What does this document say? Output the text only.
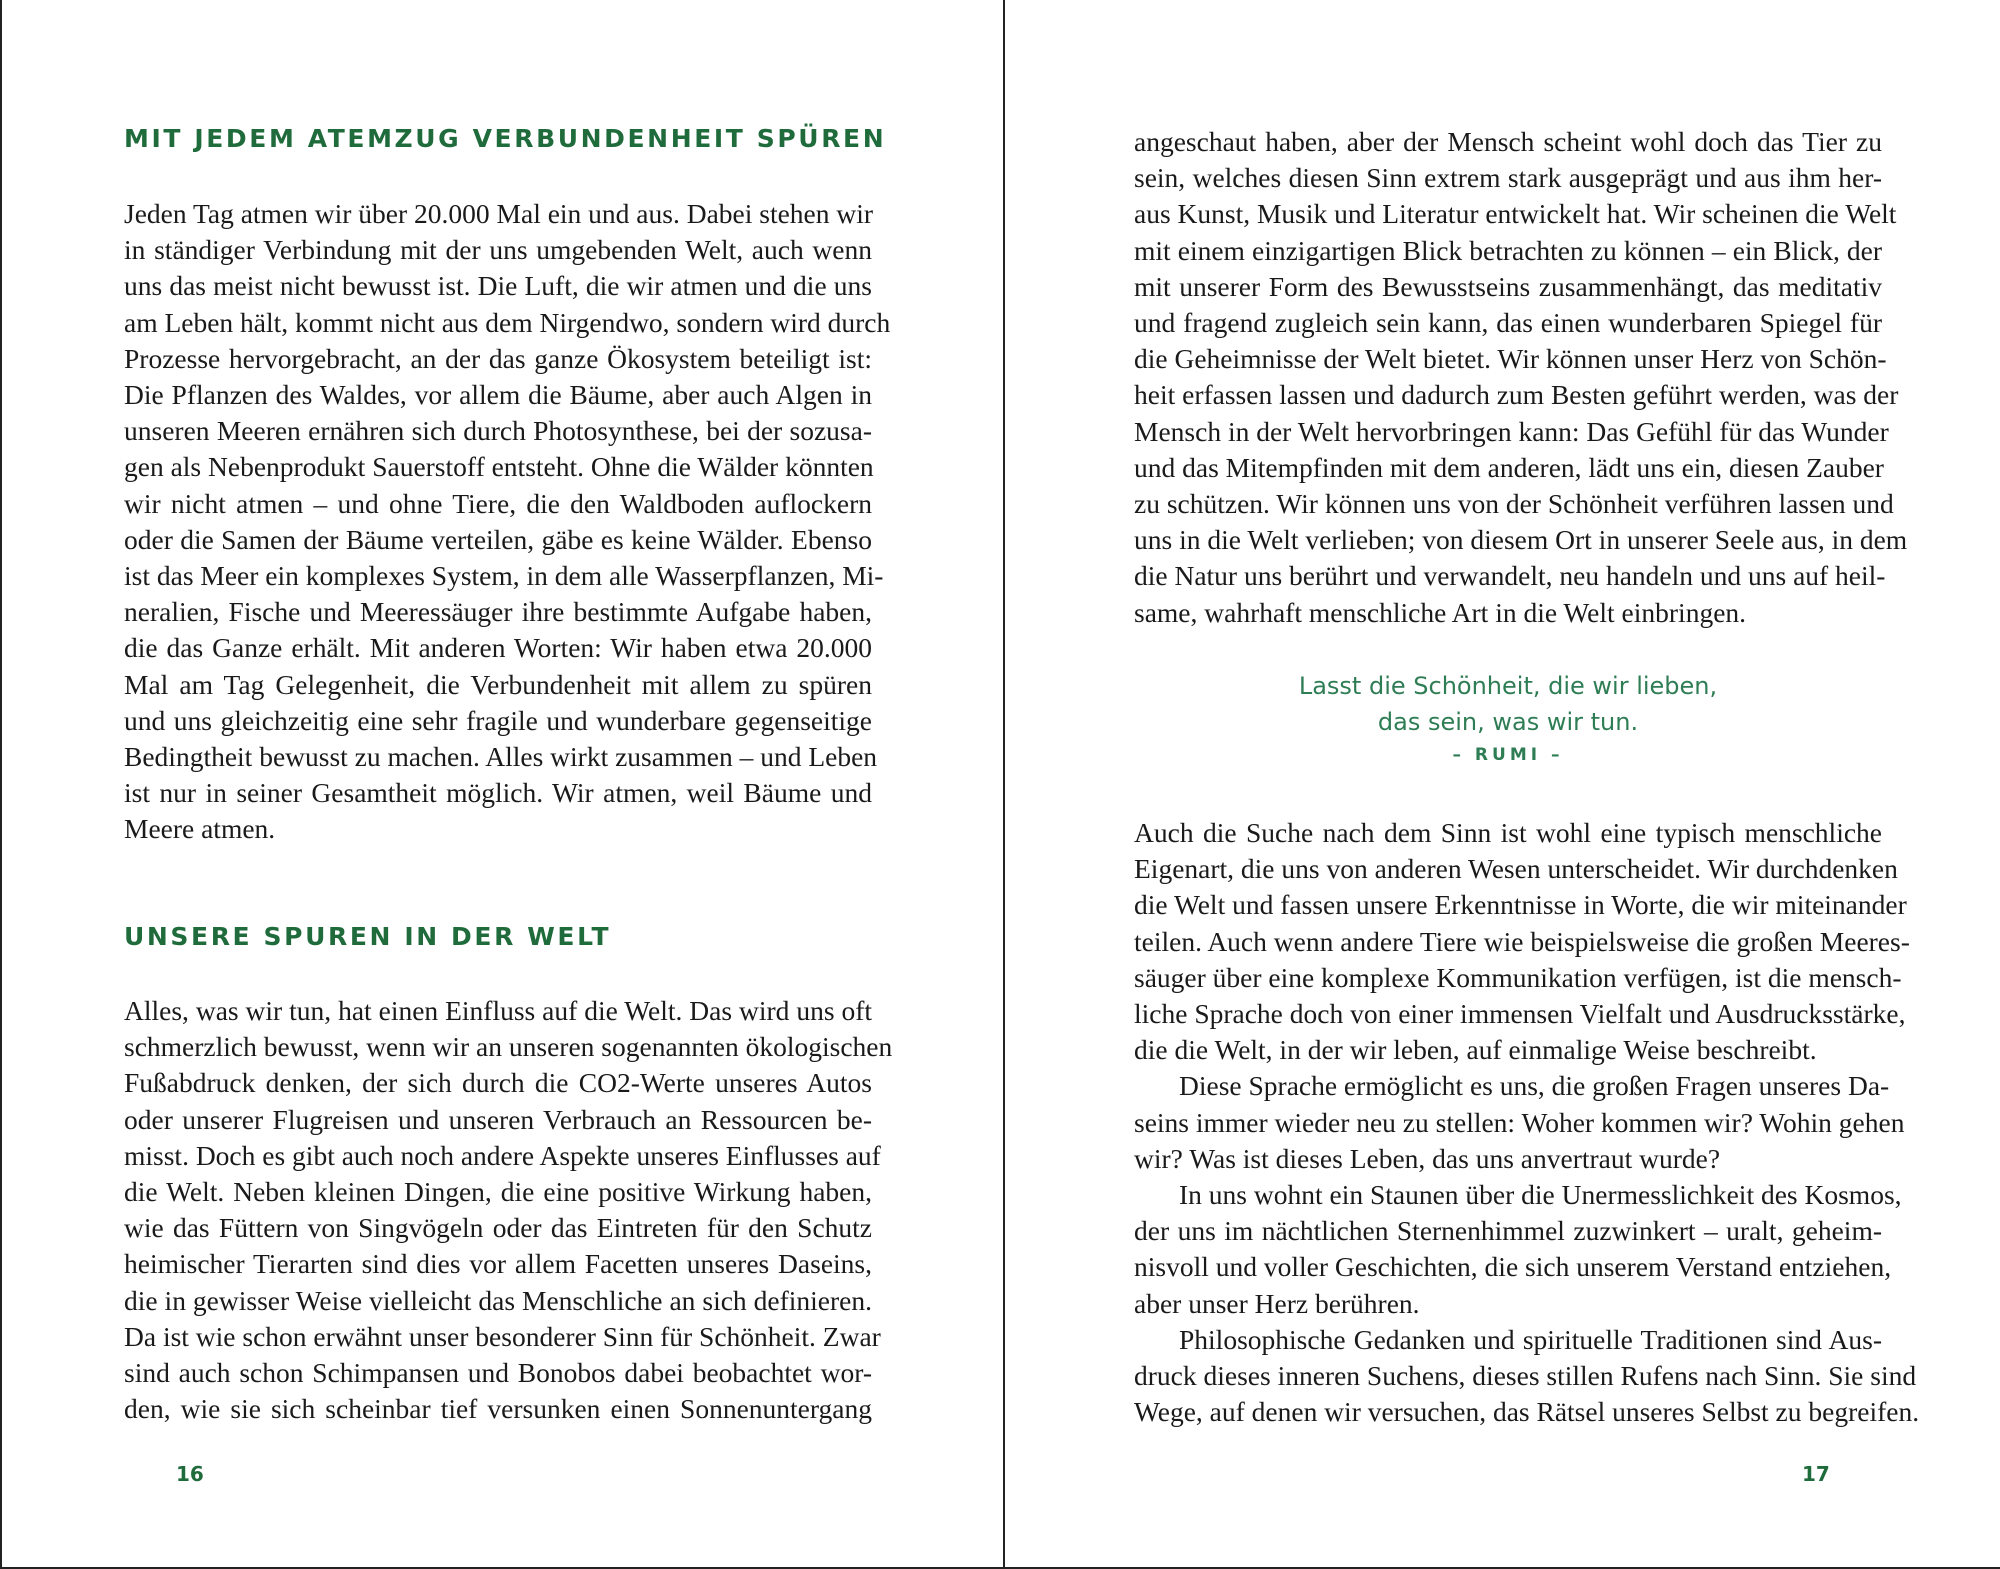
MIT JEDEM ATEMZUG VERBUNDENHEIT SPÜREN
Jeden Tag atmen wir über 20.000 Mal ein und aus. Dabei stehen wir
in ständiger Verbindung mit der uns umgebenden Welt, auch wenn
uns das meist nicht bewusst ist. Die Luft, die wir atmen und die uns
am Leben hält, kommt nicht aus dem Nirgendwo, sondern wird durch
Prozesse hervorgebracht, an der das ganze Ökosystem beteiligt ist:
Die Pflanzen des Waldes, vor allem die Bäume, aber auch Algen in
unseren Meeren ernähren sich durch Photosynthese, bei der sozusa-
gen als Nebenprodukt Sauerstoff entsteht. Ohne die Wälder könnten
wir nicht atmen – und ohne Tiere, die den Waldboden auflockern
oder die Samen der Bäume verteilen, gäbe es keine Wälder. Ebenso
ist das Meer ein komplexes System, in dem alle Wasserpflanzen, Mi-
neralien, Fische und Meeressäuger ihre bestimmte Aufgabe haben,
die das Ganze erhält. Mit anderen Worten: Wir haben etwa 20.000
Mal am Tag Gelegenheit, die Verbundenheit mit allem zu spüren
und uns gleichzeitig eine sehr fragile und wunderbare gegenseitige
Bedingtheit bewusst zu machen. Alles wirkt zusammen – und Leben
ist nur in seiner Gesamtheit möglich. Wir atmen, weil Bäume und
Meere atmen.
UNSERE SPUREN IN DER WELT
Alles, was wir tun, hat einen Einfluss auf die Welt. Das wird uns oft
schmerzlich bewusst, wenn wir an unseren sogenannten ökologischen
Fußabdruck denken, der sich durch die CO2-Werte unseres Autos
oder unserer Flugreisen und unseren Verbrauch an Ressourcen be-
misst. Doch es gibt auch noch andere Aspekte unseres Einflusses auf
die Welt. Neben kleinen Dingen, die eine positive Wirkung haben,
wie das Füttern von Singvögeln oder das Eintreten für den Schutz
heimischer Tierarten sind dies vor allem Facetten unseres Daseins,
die in gewisser Weise vielleicht das Menschliche an sich definieren.
Da ist wie schon erwähnt unser besonderer Sinn für Schönheit. Zwar
sind auch schon Schimpansen und Bonobos dabei beobachtet wor-
den, wie sie sich scheinbar tief versunken einen Sonnenuntergang
16
angeschaut haben, aber der Mensch scheint wohl doch das Tier zu
sein, welches diesen Sinn extrem stark ausgeprägt und aus ihm her-
aus Kunst, Musik und Literatur entwickelt hat. Wir scheinen die Welt
mit einem einzigartigen Blick betrachten zu können – ein Blick, der
mit unserer Form des Bewusstseins zusammenhängt, das meditativ
und fragend zugleich sein kann, das einen wunderbaren Spiegel für
die Geheimnisse der Welt bietet. Wir können unser Herz von Schön-
heit erfassen lassen und dadurch zum Besten geführt werden, was der
Mensch in der Welt hervorbringen kann: Das Gefühl für das Wunder
und das Mitempfinden mit dem anderen, lädt uns ein, diesen Zauber
zu schützen. Wir können uns von der Schönheit verführen lassen und
uns in die Welt verlieben; von diesem Ort in unserer Seele aus, in dem
die Natur uns berührt und verwandelt, neu handeln und uns auf heil-
same, wahrhaft menschliche Art in die Welt einbringen.
Lasst die Schönheit, die wir lieben,
das sein, was wir tun.
– RUMI –
Auch die Suche nach dem Sinn ist wohl eine typisch menschliche
Eigenart, die uns von anderen Wesen unterscheidet. Wir durchdenken
die Welt und fassen unsere Erkenntnisse in Worte, die wir miteinander
teilen. Auch wenn andere Tiere wie beispielsweise die großen Meeres-
säuger über eine komplexe Kommunikation verfügen, ist die mensch-
liche Sprache doch von einer immensen Vielfalt und Ausdrucksstärke,
die die Welt, in der wir leben, auf einmalige Weise beschreibt.
Diese Sprache ermöglicht es uns, die großen Fragen unseres Da-
seins immer wieder neu zu stellen: Woher kommen wir? Wohin gehen
wir? Was ist dieses Leben, das uns anvertraut wurde?
In uns wohnt ein Staunen über die Unermesslichkeit des Kosmos,
der uns im nächtlichen Sternenhimmel zuzwinkert – uralt, geheim-
nisvoll und voller Geschichten, die sich unserem Verstand entziehen,
aber unser Herz berühren.
Philosophische Gedanken und spirituelle Traditionen sind Aus-
druck dieses inneren Suchens, dieses stillen Rufens nach Sinn. Sie sind
Wege, auf denen wir versuchen, das Rätsel unseres Selbst zu begreifen.
17
